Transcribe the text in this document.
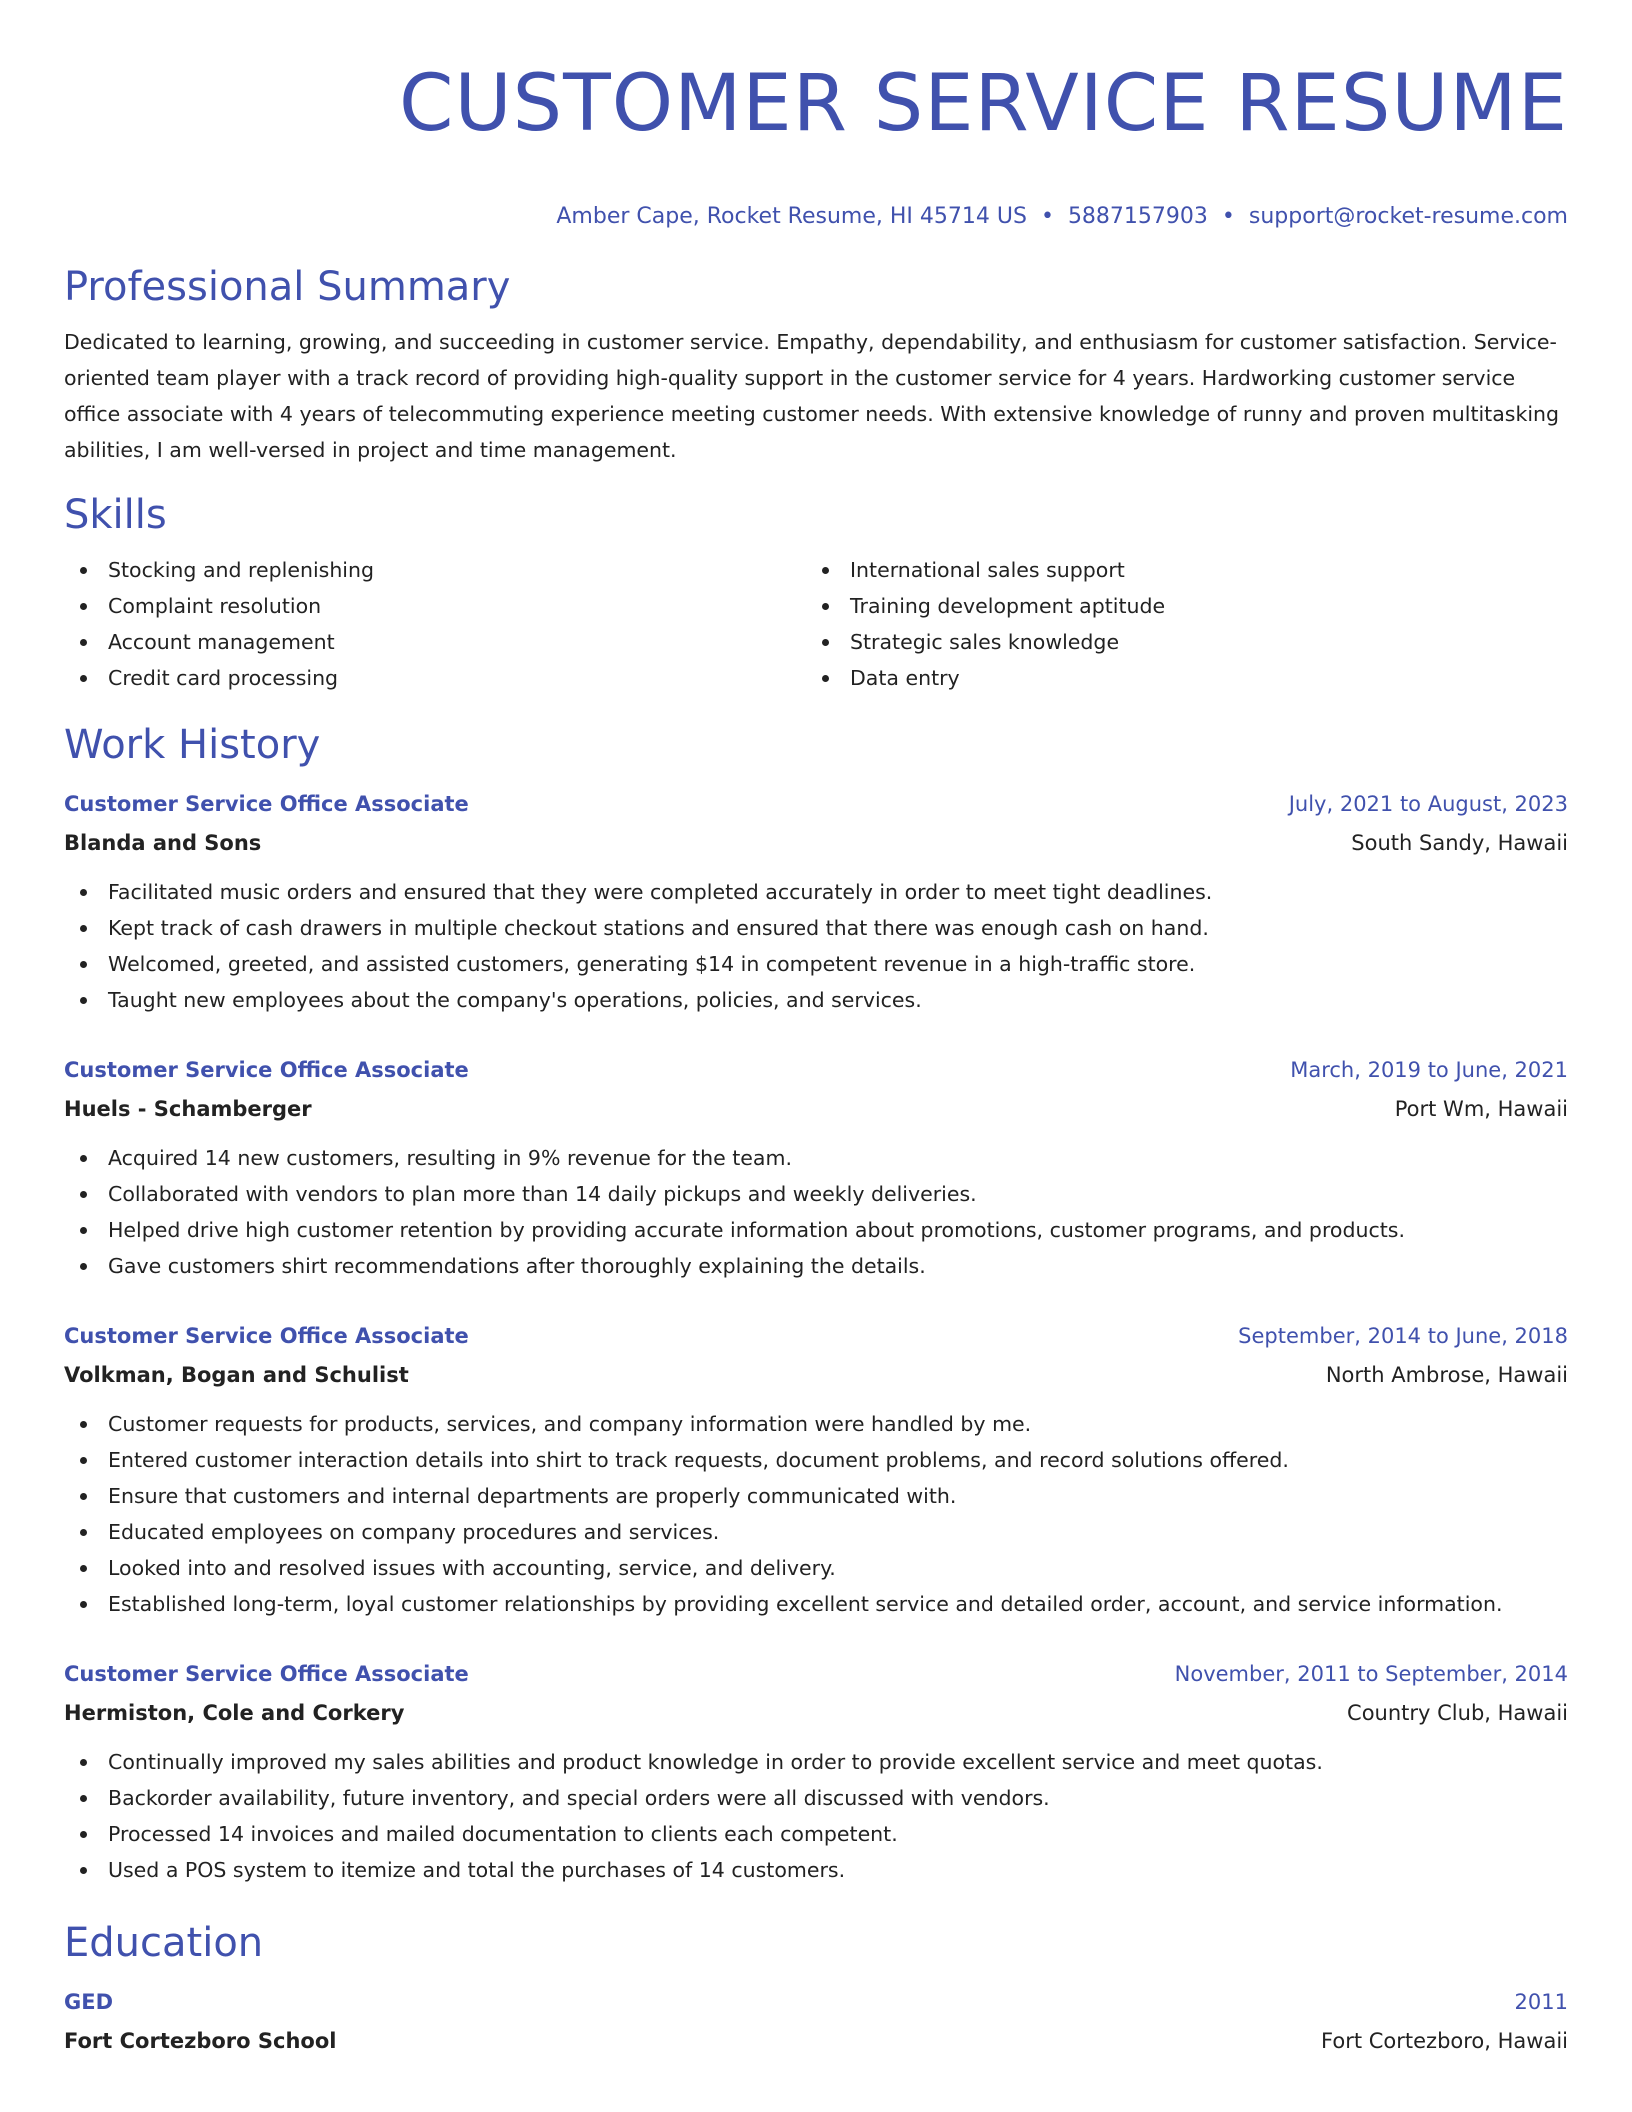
CUSTOMER SERVICE RESUME
Amber Cape, Rocket Resume, HI 45714 US • 5887157903 • support@rocket-resume.com
Professional Summary

Dedicated to learning, growing, and succeeding in customer service. Empathy, dependability, and enthusiasm for customer satisfaction. Service-oriented team player with a track record of providing high-quality support in the customer service for 4 years. Hardworking customer service office associate with 4 years of telecommuting experience meeting customer needs. With extensive knowledge of runny and proven multitasking abilities, I am well-versed in project and time management.

Skills
Stocking and replenishing
Complaint resolution
Account management
Credit card processing
International sales support
Training development aptitude
Strategic sales knowledge
Data entry
Work History
Customer Service Office Associate	July, 2021 to August, 2023
Blanda and Sons	South Sandy, Hawaii
Facilitated music orders and ensured that they were completed accurately in order to meet tight deadlines.
Kept track of cash drawers in multiple checkout stations and ensured that there was enough cash on hand.
Welcomed, greeted, and assisted customers, generating $14 in competent revenue in a high-traffic store.
Taught new employees about the company's operations, policies, and services.
Customer Service Office Associate	March, 2019 to June, 2021
Huels - Schamberger	Port Wm, Hawaii
Acquired 14 new customers, resulting in 9% revenue for the team.
Collaborated with vendors to plan more than 14 daily pickups and weekly deliveries.
Helped drive high customer retention by providing accurate information about promotions, customer programs, and products.
Gave customers shirt recommendations after thoroughly explaining the details.
Customer Service Office Associate	September, 2014 to June, 2018
Volkman, Bogan and Schulist	North Ambrose, Hawaii
Customer requests for products, services, and company information were handled by me.
Entered customer interaction details into shirt to track requests, document problems, and record solutions offered.
Ensure that customers and internal departments are properly communicated with.
Educated employees on company procedures and services.
Looked into and resolved issues with accounting, service, and delivery.
Established long-term, loyal customer relationships by providing excellent service and detailed order, account, and service information.
Customer Service Office Associate	November, 2011 to September, 2014
Hermiston, Cole and Corkery	Country Club, Hawaii
Continually improved my sales abilities and product knowledge in order to provide excellent service and meet quotas.
Backorder availability, future inventory, and special orders were all discussed with vendors.
Processed 14 invoices and mailed documentation to clients each competent.
Used a POS system to itemize and total the purchases of 14 customers.
Education
GED	2011
Fort Cortezboro School	Fort Cortezboro, Hawaii
